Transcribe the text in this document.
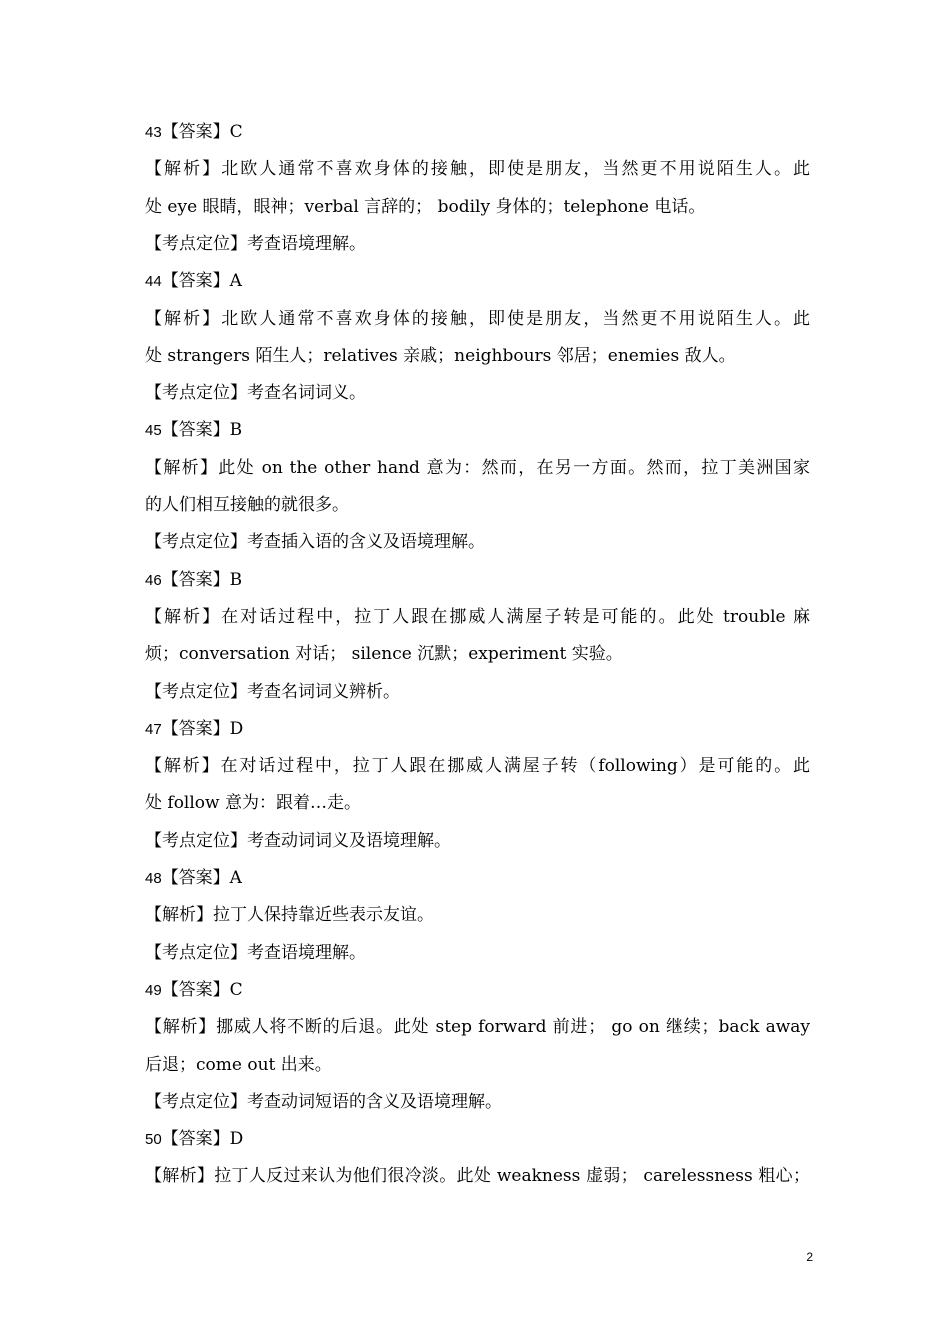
43【答案】C
【解析】北欧人通常不喜欢身体的接触，即使是朋友，当然更不用说陌生人。此
处 eye 眼睛，眼神；verbal 言辞的； bodily 身体的；telephone 电话。
【考点定位】考查语境理解。
44【答案】A
【解析】北欧人通常不喜欢身体的接触，即使是朋友，当然更不用说陌生人。此
处 strangers 陌生人；relatives 亲戚；neighbours 邻居；enemies 敌人。
【考点定位】考查名词词义。
45【答案】B
【解析】此处 on the other hand 意为：然而，在另一方面。然而，拉丁美洲国家
的人们相互接触的就很多。
【考点定位】考查插入语的含义及语境理解。
46【答案】B
【解析】在对话过程中，拉丁人跟在挪威人满屋子转是可能的。此处 trouble 麻
烦；conversation 对话； silence 沉默；experiment 实验。
【考点定位】考查名词词义辨析。
47【答案】D
【解析】在对话过程中，拉丁人跟在挪威人满屋子转（following）是可能的。此
处 follow 意为：跟着…走。
【考点定位】考查动词词义及语境理解。
48【答案】A
【解析】拉丁人保持靠近些表示友谊。
【考点定位】考查语境理解。
49【答案】C
【解析】挪威人将不断的后退。此处 step forward 前进； go on 继续；back away
后退；come out 出来。
【考点定位】考查动词短语的含义及语境理解。
50【答案】D
【解析】拉丁人反过来认为他们很冷淡。此处 weakness 虚弱； carelessness 粗心；
2
